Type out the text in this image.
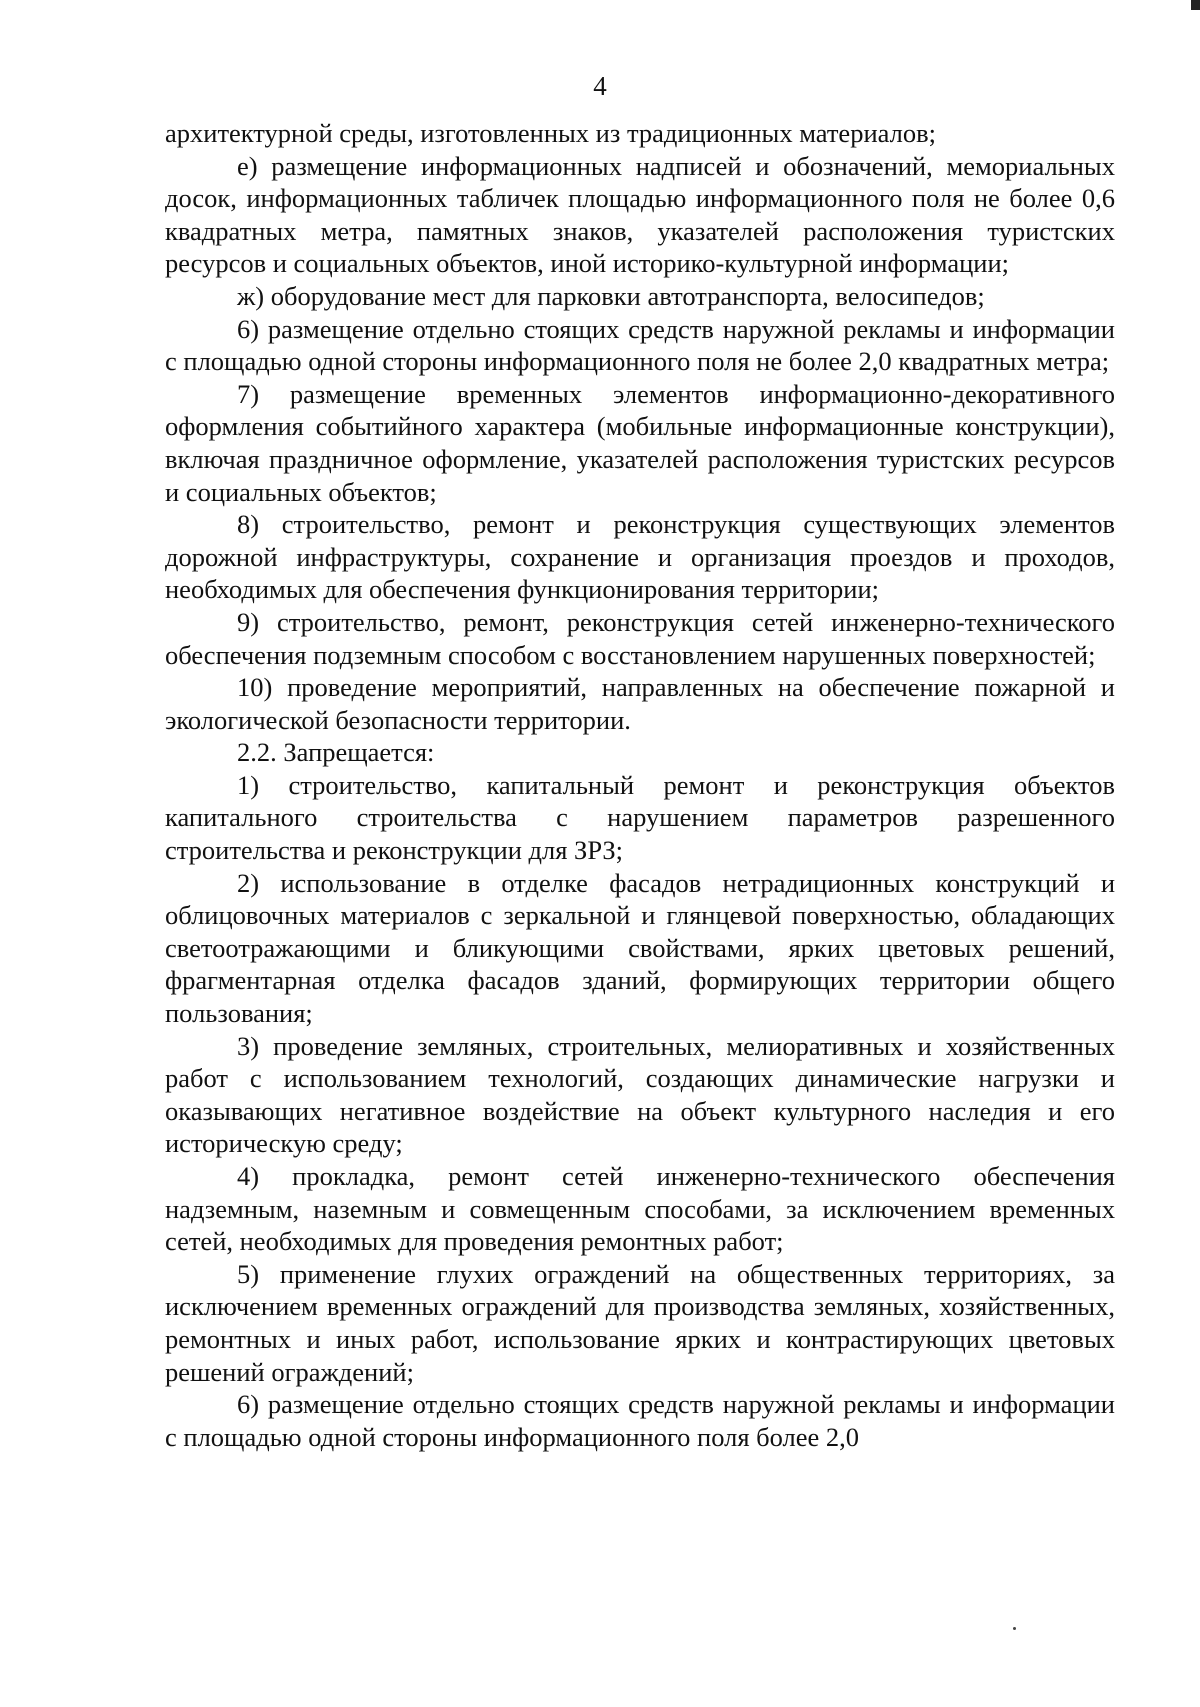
4

архитектурной среды, изготовленных из традиционных материалов;

е) размещение информационных надписей и обозначений, мемориальных досок, информационных табличек площадью информационного поля не более 0,6 квадратных метра, памятных знаков, указателей расположения туристских ресурсов и социальных объектов, иной историко-культурной информации;

ж) оборудование мест для парковки автотранспорта, велосипедов;

6) размещение отдельно стоящих средств наружной рекламы и информации с площадью одной стороны информационного поля не более 2,0 квадратных метра;

7) размещение временных элементов информационно-декоративного оформления событийного характера (мобильные информационные конструкции), включая праздничное оформление, указателей расположения туристских ресурсов и социальных объектов;

8) строительство, ремонт и реконструкция существующих элементов дорожной инфраструктуры, сохранение и организация проездов и проходов, необходимых для обеспечения функционирования территории;

9) строительство, ремонт, реконструкция сетей инженерно-технического обеспечения подземным способом с восстановлением нарушенных поверхностей;

10) проведение мероприятий, направленных на обеспечение пожарной и экологической безопасности территории.

2.2. Запрещается:

1) строительство, капитальный ремонт и реконструкция объектов капитального строительства с нарушением параметров разрешенного строительства и реконструкции для ЗРЗ;

2) использование в отделке фасадов нетрадиционных конструкций и облицовочных материалов с зеркальной и глянцевой поверхностью, обладающих светоотражающими и бликующими свойствами, ярких цветовых решений, фрагментарная отделка фасадов зданий, формирующих территории общего пользования;

3) проведение земляных, строительных, мелиоративных и хозяйственных работ с использованием технологий, создающих динамические нагрузки и оказывающих негативное воздействие на объект культурного наследия и его историческую среду;

4) прокладка, ремонт сетей инженерно-технического обеспечения надземным, наземным и совмещенным способами, за исключением временных сетей, необходимых для проведения ремонтных работ;

5) применение глухих ограждений на общественных территориях, за исключением временных ограждений для производства земляных, хозяйственных, ремонтных и иных работ, использование ярких и контрастирующих цветовых решений ограждений;

6) размещение отдельно стоящих средств наружной рекламы и информации с площадью одной стороны информационного поля более 2,0
